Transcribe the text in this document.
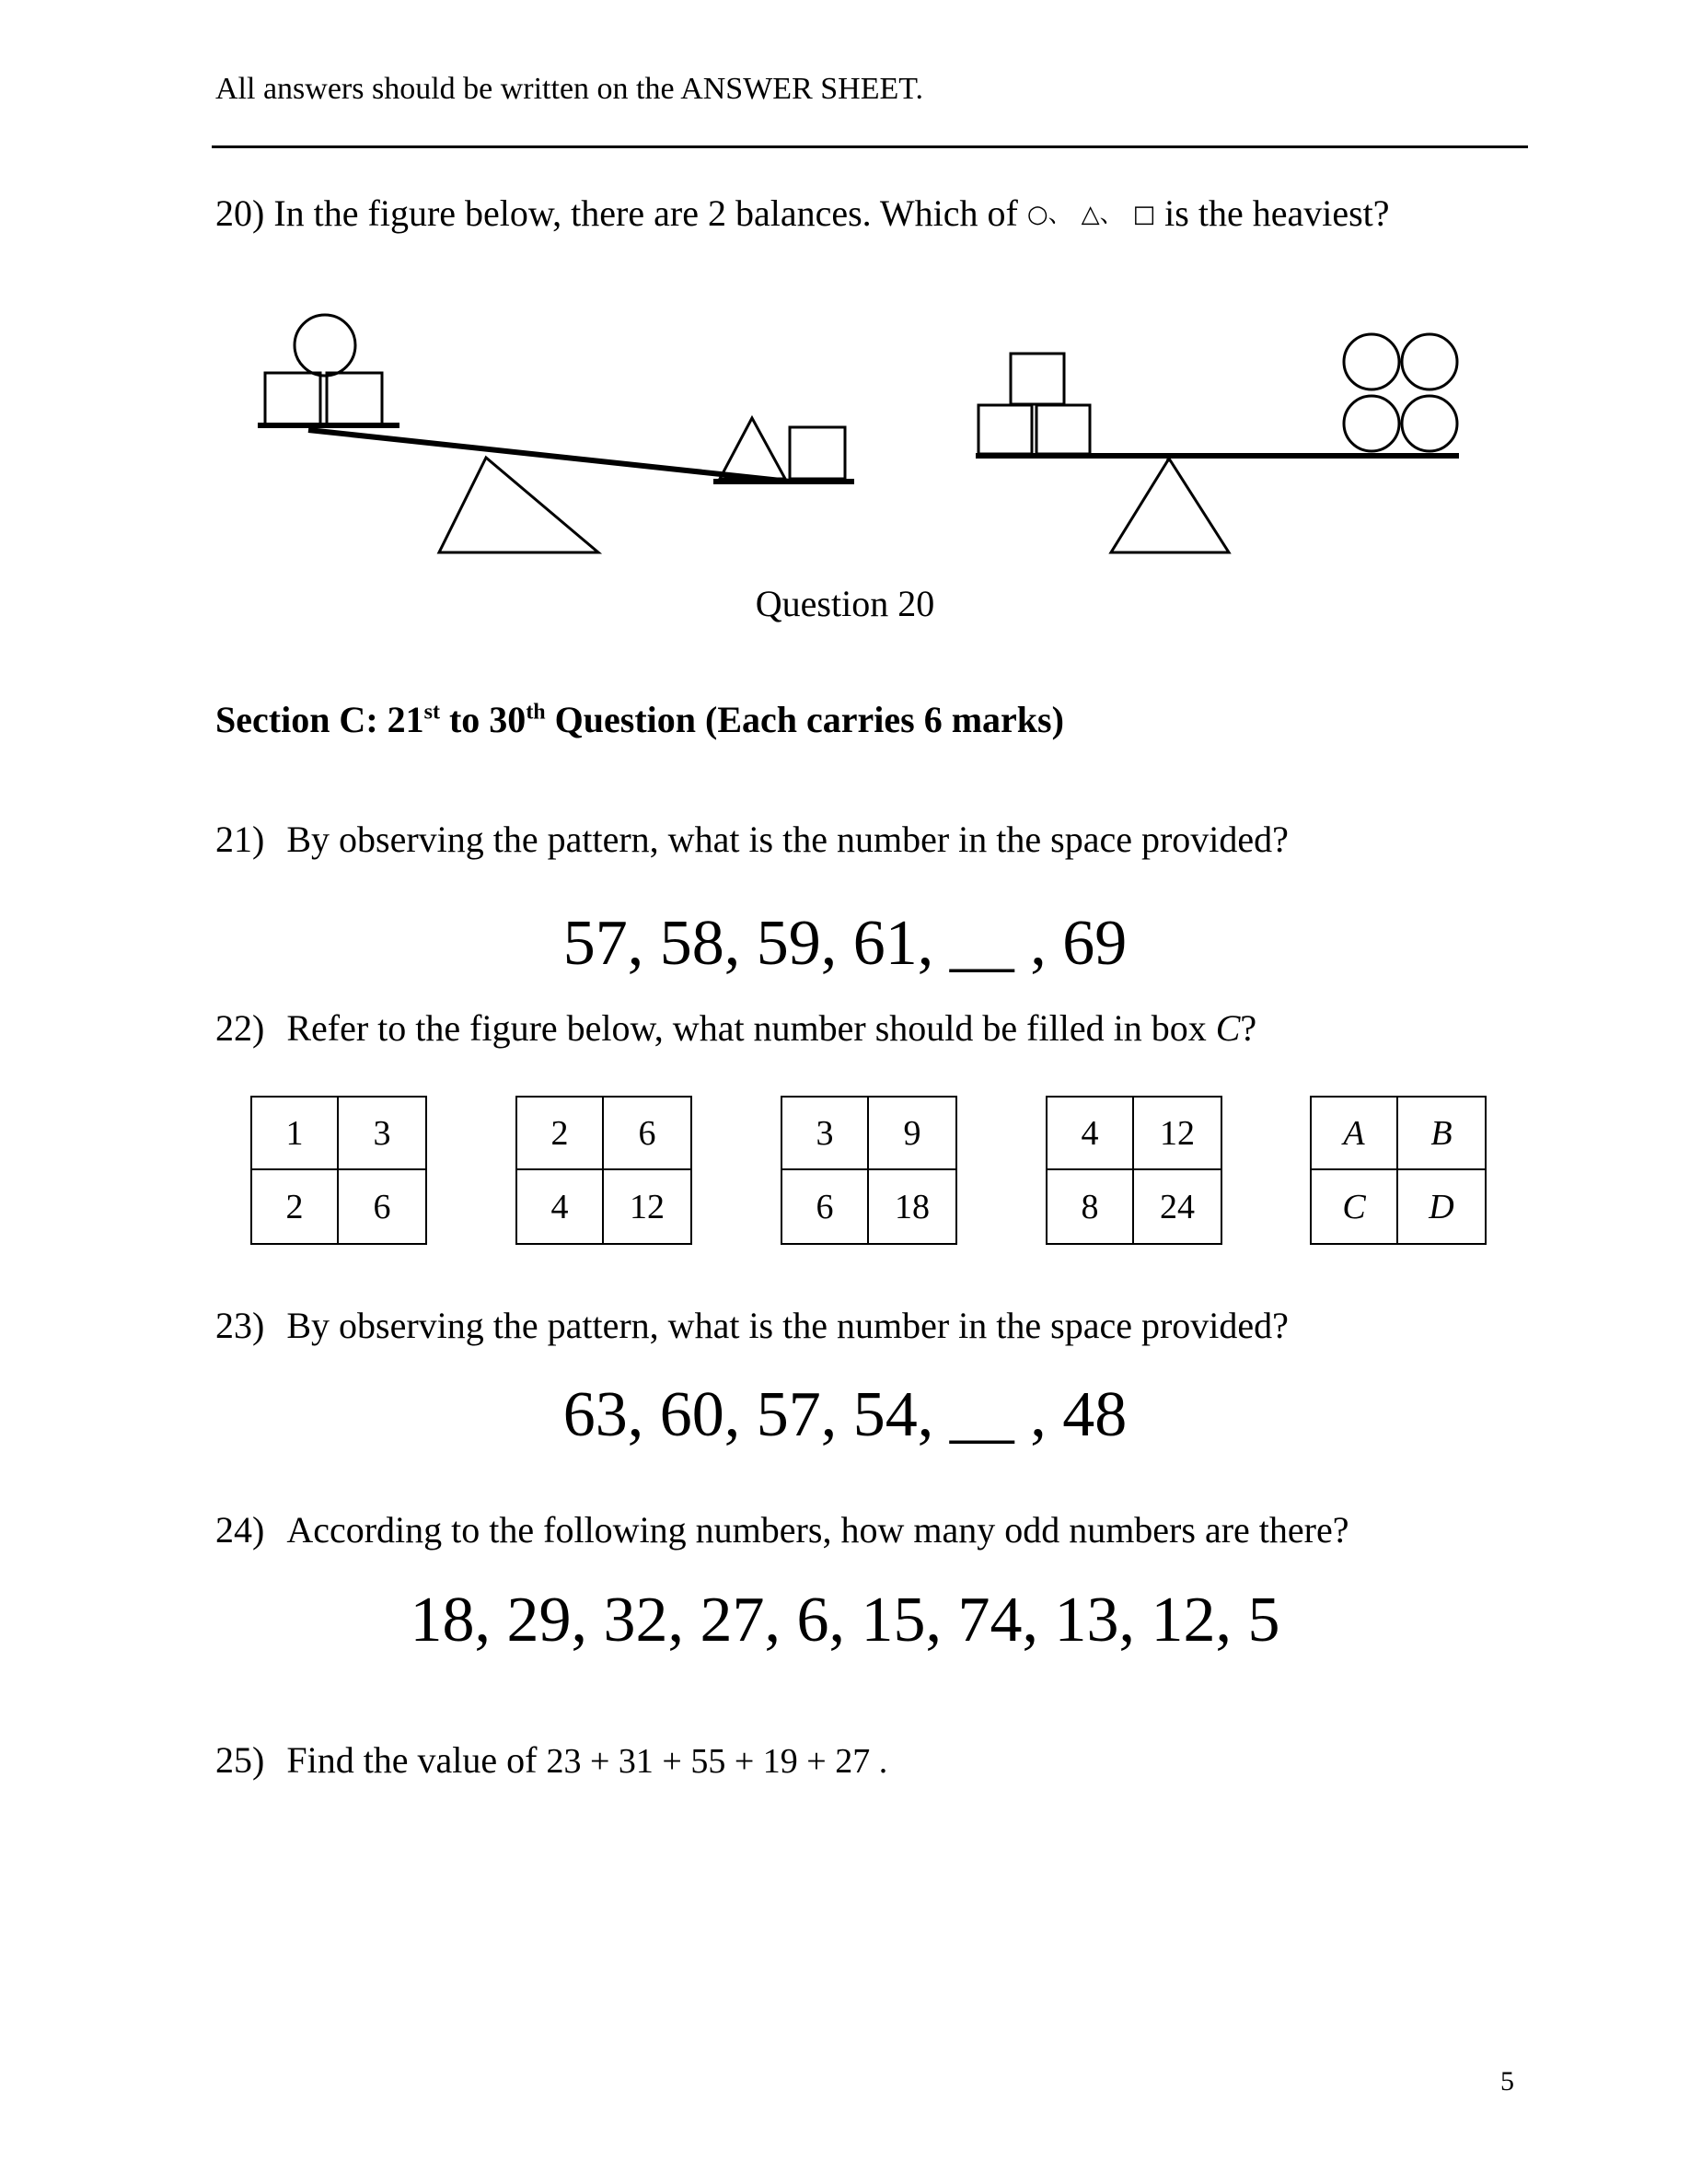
All answers should be written on the ANSWER SHEET.
20) In the figure below, there are 2 balances. Which of ○、 △、 □ is the heaviest?
Question 20
Section C: 21st to 30th Question (Each carries 6 marks)
21) By observing the pattern, what is the number in the space provided?
57, 58, 59, 61, __ , 69
22) Refer to the figure below, what number should be filled in box C?
1	3
2	6
2	6
4	12
3	9
6	18
4	12
8	24
A	B
C	D
23) By observing the pattern, what is the number in the space provided?
63, 60, 57, 54, __ , 48
24) According to the following numbers, how many odd numbers are there?
18, 29, 32, 27, 6, 15, 74, 13, 12, 5
25) Find the value of 23 + 31 + 55 + 19 + 27 .
5
